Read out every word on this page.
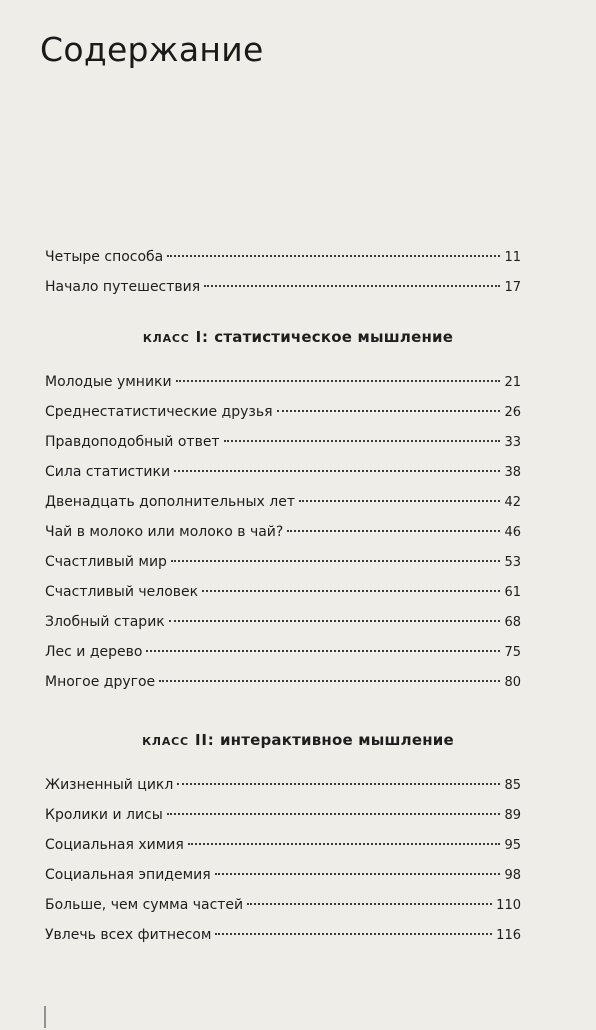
Содержание
Четыре способа	11
Начало путешествия	17
класс I: статистическое мышление
Молодые умники	21
Среднестатистические друзья	26
Правдоподобный ответ	33
Сила статистики	38
Двенадцать дополнительных лет	42
Чай в молоко или молоко в чай?	46
Счастливый мир	53
Счастливый человек	61
Злобный старик	68
Лес и дерево	75
Многое другое	80
класс II: интерактивное мышление
Жизненный цикл	85
Кролики и лисы	89
Социальная химия	95
Социальная эпидемия	98
Больше, чем сумма частей	110
Увлечь всех фитнесом	116
